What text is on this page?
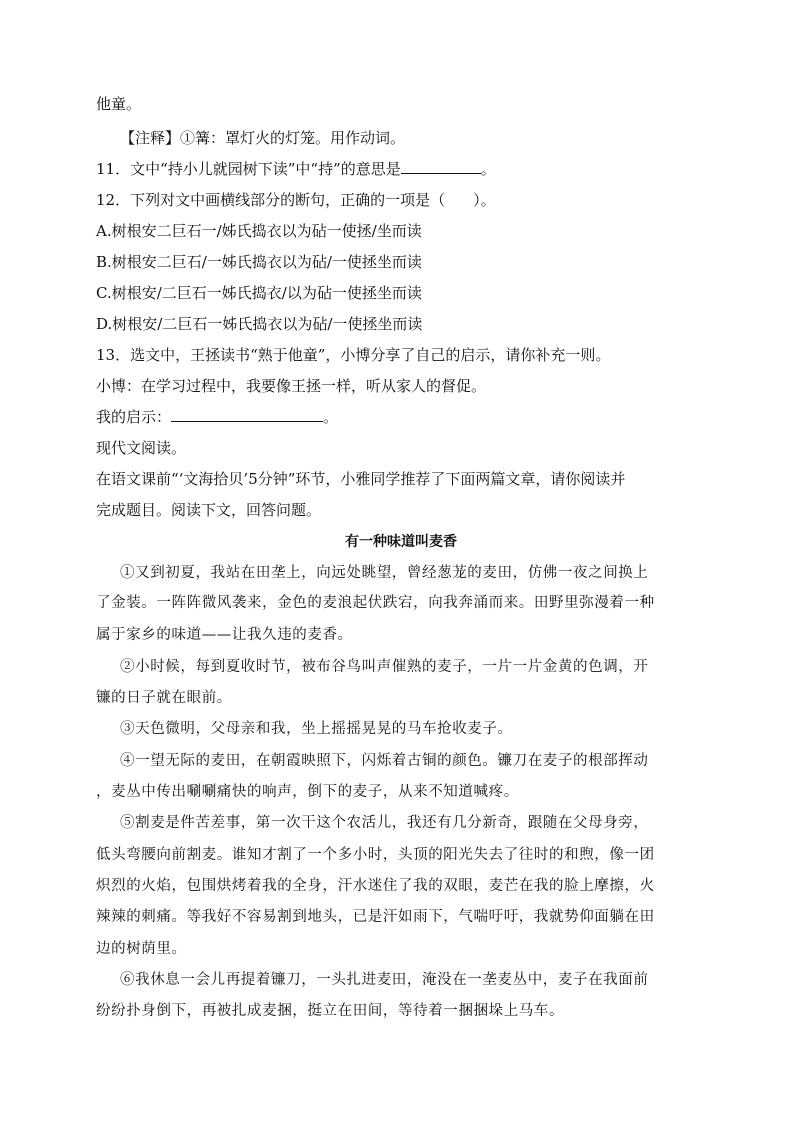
他童。
【注释】①篝：罩灯火的灯笼。用作动词。
11．文中“持小儿就园树下读”中“持”的意思是	。
12．下列对文中画横线部分的断句，正确的一项是（ ）。
A.树根安二巨石一/姊氏捣衣以为砧一使拯/坐而读
B.树根安二巨石/一姊氏捣衣以为砧/一使拯坐而读
C.树根安/二巨石一姊氏捣衣/以为砧一使拯坐而读
D.树根安/二巨石一姊氏捣衣以为砧/一使拯坐而读
13．选文中，王拯读书“熟于他童”，小博分享了自己的启示，请你补充一则。
小博：在学习过程中，我要像王拯一样，听从家人的督促。
我的启示：	。
现代文阅读。
在语文课前“‘文海拾贝’5分钟”环节，小雅同学推荐了下面两篇文章，请你阅读并
完成题目。阅读下文，回答问题。
有一种味道叫麦香
①又到初夏，我站在田垄上，向远处眺望，曾经葱茏的麦田，仿佛一夜之间换上
了金装。一阵阵微风袭来，金色的麦浪起伏跌宕，向我奔涌而来。田野里弥漫着一种
属于家乡的味道——让我久违的麦香。
②小时候，每到夏收时节，被布谷鸟叫声催熟的麦子，一片一片金黄的色调，开
镰的日子就在眼前。
③天色微明，父母亲和我，坐上摇摇晃晃的马车抢收麦子。
④一望无际的麦田，在朝霞映照下，闪烁着古铜的颜色。镰刀在麦子的根部挥动
，麦丛中传出唰唰痛快的响声，倒下的麦子，从来不知道喊疼。
⑤割麦是件苦差事，第一次干这个农活儿，我还有几分新奇，跟随在父母身旁，
低头弯腰向前割麦。谁知才割了一个多小时，头顶的阳光失去了往时的和煦，像一团
炽烈的火焰，包围烘烤着我的全身，汗水迷住了我的双眼，麦芒在我的脸上摩擦，火
辣辣的刺痛。等我好不容易割到地头，已是汗如雨下，气喘吁吁，我就势仰面躺在田
边的树荫里。
⑥我休息一会儿再提着镰刀，一头扎进麦田，淹没在一垄麦丛中，麦子在我面前
纷纷扑身倒下，再被扎成麦捆，挺立在田间，等待着一捆捆垛上马车。
